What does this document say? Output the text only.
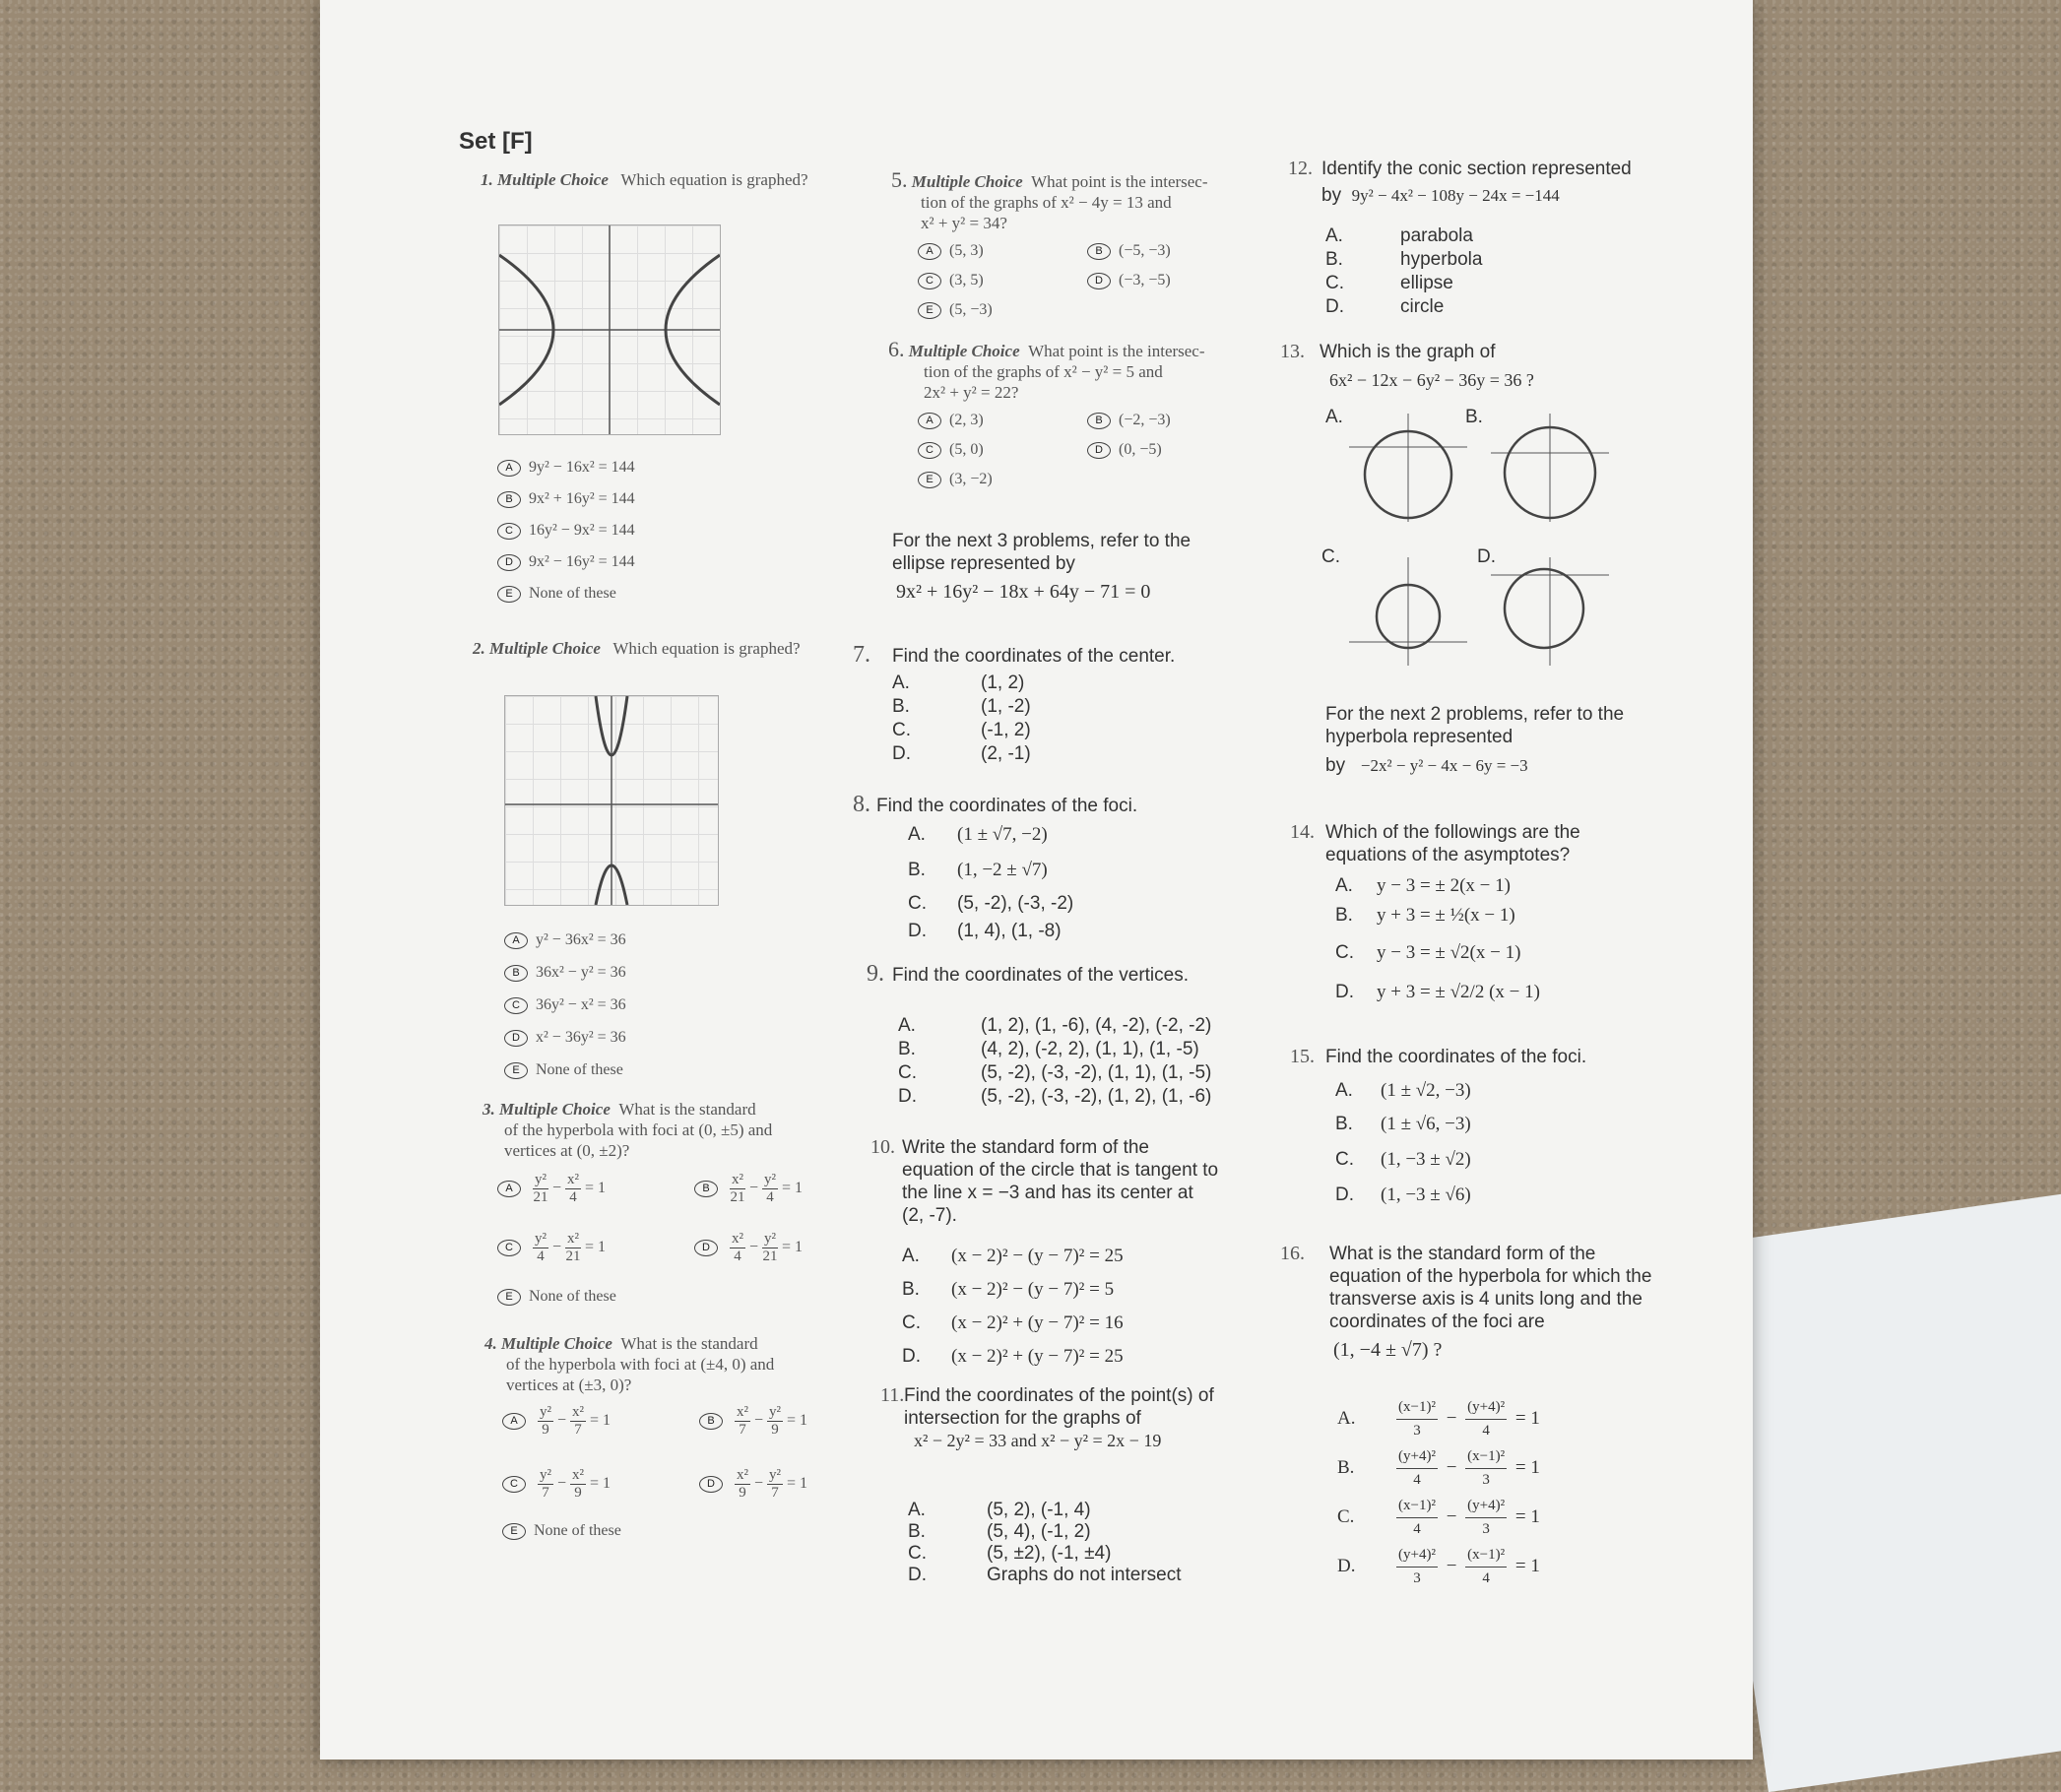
Set [F]
1. Multiple Choice Which equation is graphed?
A 9y² − 16x² = 144
B 9x² + 16y² = 144
C 16y² − 9x² = 144
D 9x² − 16y² = 144
E None of these
2. Multiple Choice Which equation is graphed?
A y² − 36x² = 36
B 36x² − y² = 36
C 36y² − x² = 36
D x² − 36y² = 36
E None of these
3. Multiple Choice What is the standard
of the hyperbola with foci at (0, ±5) and
vertices at (0, ±2)?
A $\frac{\text{y²}}{21} - \frac{\text{x²}}{4} = 1$	B $\frac{\text{x²}}{21} - \frac{\text{y²}}{4} = 1$
C $\frac{\text{y²}}{4} - \frac{\text{x²}}{21} = 1$	D $\frac{\text{x²}}{4} - \frac{\text{y²}}{21} = 1$
E None of these
4. Multiple Choice What is the standard
of the hyperbola with foci at (±4, 0) and
vertices at (±3, 0)?
A $\frac{\text{y²}}{9} - \frac{\text{x²}}{7} = 1$	B $\frac{\text{x²}}{7} - \frac{\text{y²}}{9} = 1$
C $\frac{\text{y²}}{7} - \frac{\text{x²}}{9} = 1$	D $\frac{\text{x²}}{9} - \frac{\text{y²}}{7} = 1$
E None of these
5. Multiple Choice What point is the intersec-
tion of the graphs of x² − 4y = 13 and
x² + y² = 34?
A (5, 3)	B (−5, −3)
C (3, 5)	D (−3, −5)
E (5, −3)
6. Multiple Choice What point is the intersec-
tion of the graphs of x² − y² = 5 and
2x² + y² = 22?
A (2, 3)	B (−2, −3)
C (5, 0)	D (0, −5)
E (3, −2)
For the next 3 problems, refer to the
ellipse represented by
9x² + 16y² − 18x + 64y − 71 = 0
7. Find the coordinates of the center.
A.	(1, 2)
B.	(1, -2)
C.	(-1, 2)
D.	(2, -1)
8. Find the coordinates of the foci.
A. (1 ± √7, −2)
B. (1, −2 ± √7)
C. (5, -2), (-3, -2)
D. (1, 4), (1, -8)
9. Find the coordinates of the vertices.
A.	(1, 2), (1, -6), (4, -2), (-2, -2)
B.	(4, 2), (-2, 2), (1, 1), (1, -5)
C.	(5, -2), (-3, -2), (1, 1), (1, -5)
D.	(5, -2), (-3, -2), (1, 2), (1, -6)
10. Write the standard form of the
equation of the circle that is tangent to
the line x = −3 and has its center at
(2, -7).
A. (x − 2)² − (y − 7)² = 25
B. (x − 2)² − (y − 7)² = 5
C. (x − 2)² + (y − 7)² = 16
D. (x − 2)² + (y − 7)² = 25
11.Find the coordinates of the point(s) of
intersection for the graphs of
x² − 2y² = 33 and x² − y² = 2x − 19
A.	(5, 2), (-1, 4)
B.	(5, 4), (-1, 2)
C.	(5, ±2), (-1, ±4)
D.	Graphs do not intersect
12. Identify the conic section represented
by 9y² − 4x² − 108y − 24x = −144
A.	parabola
B.	hyperbola
C.	ellipse
D.	circle
13. Which is the graph of
6x² − 12x − 6y² − 36y = 36 ?
A.	B.
C.	D.
For the next 2 problems, refer to the
hyperbola represented
by −2x² − y² − 4x − 6y = −3
14. Which of the followings are the
equations of the asymptotes?
A. y − 3 = ± 2(x − 1)
B. y + 3 = ± ½(x − 1)
C. y − 3 = ± √2(x − 1)
D. y + 3 = ± √2/2 (x − 1)
15. Find the coordinates of the foci.
A. (1 ± √2, −3)
B. (1 ± √6, −3)
C. (1, −3 ± √2)
D. (1, −3 ± √6)
16. What is the standard form of the
equation of the hyperbola for which the
transverse axis is 4 units long and the
coordinates of the foci are
(1, −4 ± √7) ?
A.	$\frac{\text{(x−1)²}}{3} - \frac{\text{(y+4)²}}{4} = 1$
B.	$\frac{\text{(y+4)²}}{4} - \frac{\text{(x−1)²}}{3} = 1$
C.	$\frac{\text{(x−1)²}}{4} - \frac{\text{(y+4)²}}{3} = 1$
D.	$\frac{\text{(y+4)²}}{3} - \frac{\text{(x−1)²}}{4} = 1$
